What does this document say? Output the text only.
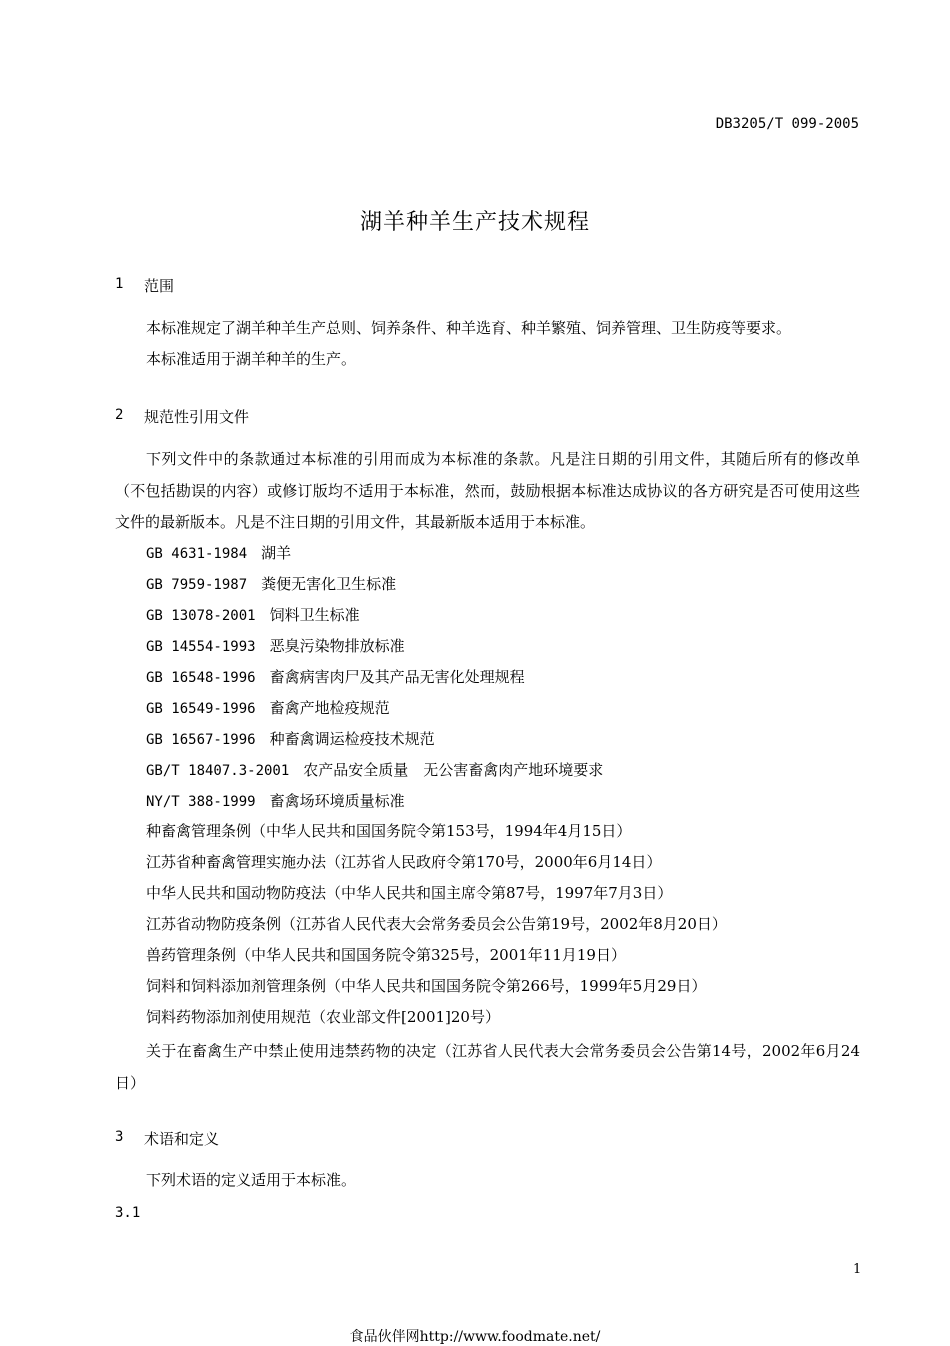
DB3205/T 099-2005
湖羊种羊生产技术规程
1 范围
本标准规定了湖羊种羊生产总则、饲养条件、种羊选育、种羊繁殖、饲养管理、卫生防疫等要求。
本标准适用于湖羊种羊的生产。
2 规范性引用文件
下列文件中的条款通过本标准的引用而成为本标准的条款。凡是注日期的引用文件，其随后所有的修改单（不包括勘误的内容）或修订版均不适用于本标准，然而，鼓励根据本标准达成协议的各方研究是否可使用这些文件的最新版本。凡是不注日期的引用文件，其最新版本适用于本标准。
GB 4631-1984 湖羊
GB 7959-1987 粪便无害化卫生标准
GB 13078-2001 饲料卫生标准
GB 14554-1993 恶臭污染物排放标准
GB 16548-1996 畜禽病害肉尸及其产品无害化处理规程
GB 16549-1996 畜禽产地检疫规范
GB 16567-1996 种畜禽调运检疫技术规范
GB/T 18407.3-2001 农产品安全质量　无公害畜禽肉产地环境要求
NY/T 388-1999 畜禽场环境质量标准
种畜禽管理条例（中华人民共和国国务院令第153号，1994年4月15日）
江苏省种畜禽管理实施办法（江苏省人民政府令第170号，2000年6月14日）
中华人民共和国动物防疫法（中华人民共和国主席令第87号，1997年7月3日）
江苏省动物防疫条例（江苏省人民代表大会常务委员会公告第19号，2002年8月20日）
兽药管理条例（中华人民共和国国务院令第325号，2001年11月19日）
饲料和饲料添加剂管理条例（中华人民共和国国务院令第266号，1999年5月29日）
饲料药物添加剂使用规范（农业部文件[2001]20号）
关于在畜禽生产中禁止使用违禁药物的决定（江苏省人民代表大会常务委员会公告第14号，2002年6月24日）
3 术语和定义
下列术语的定义适用于本标准。
3.1
1
食品伙伴网http://www.foodmate.net/
